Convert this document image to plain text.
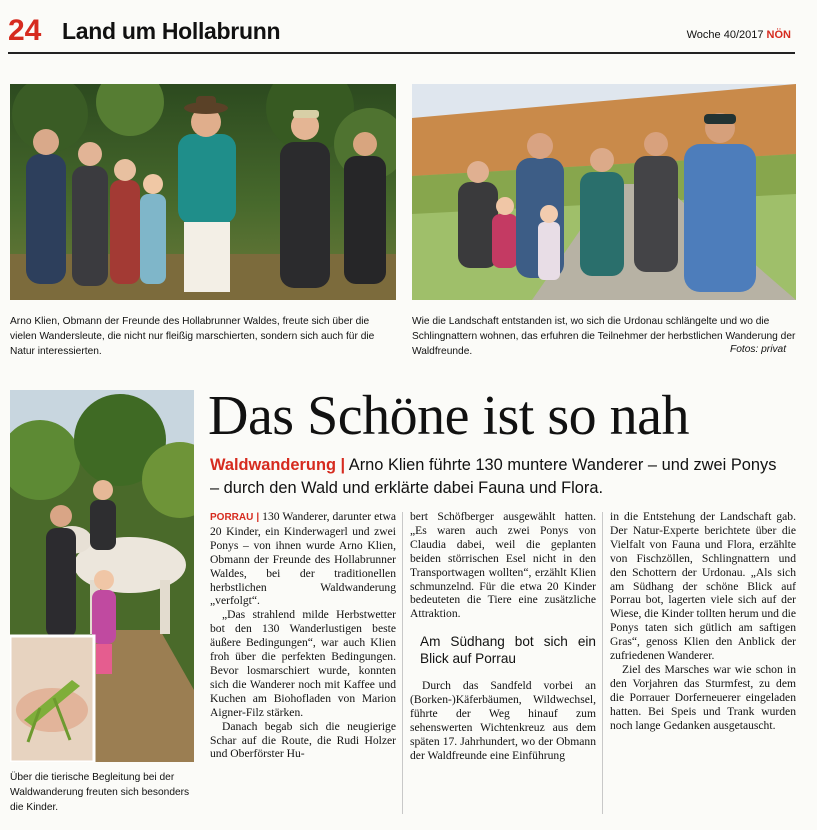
24 Land um Hollabrunn	Woche 40/2017 NÖN
Arno Klien, Obmann der Freunde des Hollabrunner Waldes, freute sich über die vielen Wandersleute, die nicht nur fleißig marschierten, sondern sich auch für die Natur interessierten.
Wie die Landschaft entstanden ist, wo sich die Urdonau schlängelte und wo die Schlingnattern wohnen, das erfuhren die Teilnehmer der herbstlichen Wanderung der Waldfreunde.	Fotos: privat
Über die tierische Begleitung bei der Waldwanderung freuten sich besonders die Kinder.
Das Schöne ist so nah
Waldwanderung | Arno Klien führte 130 muntere Wanderer – und zwei Ponys – durch den Wald und erklärte dabei Fauna und Flora.

PORRAU | 130 Wanderer, darunter etwa 20 Kinder, ein Kinderwagerl und zwei Ponys – von ihnen wurde Arno Klien, Obmann der Freunde des Hollabrunner Waldes, bei der traditionellen herbstlichen Waldwanderung „verfolgt“.

„Das strahlend milde Herbstwetter bot den 130 Wanderlustigen beste äußere Bedingungen“, war auch Klien froh über die perfekten Bedingungen. Bevor losmarschiert wurde, konnten sich die Wanderer noch mit Kaffee und Kuchen am Biohofladen von Marion Aigner-Filz stärken.

Danach begab sich die neugierige Schar auf die Route, die Rudi Holzer und Oberförster Hu-

bert Schöfberger ausgewählt hatten. „Es waren auch zwei Ponys von Claudia dabei, weil die geplanten beiden störrischen Esel nicht in den Transportwagen wollten“, erzählt Klien schmunzelnd. Für die etwa 20 Kinder bedeuteten die Tiere eine zusätzliche Attraktion.

Am Südhang bot sich ein Blick auf Porrau

Durch das Sandfeld vorbei an (Borken-)Käferbäumen, Wildwechsel, führte der Weg hinauf zum sehenswerten Wichtenkreuz aus dem späten 17. Jahrhundert, wo der Obmann der Waldfreunde eine Einführung

in die Entstehung der Landschaft gab. Der Natur-Experte berichtete über die Vielfalt von Fauna und Flora, erzählte von Fischzöllen, Schlingnattern und den Schottern der Urdonau. „Als sich am Südhang der schöne Blick auf Porrau bot, lagerten viele sich auf der Wiese, die Kinder tollten herum und die Ponys taten sich gütlich am saftigen Gras“, genoss Klien den Anblick der zufriedenen Wanderer.

Ziel des Marsches war wie schon in den Vorjahren das Sturmfest, zu dem die Porrauer Dorferneuerer eingeladen hatten. Bei Speis und Trank wurden noch lange Gedanken ausgetauscht.
